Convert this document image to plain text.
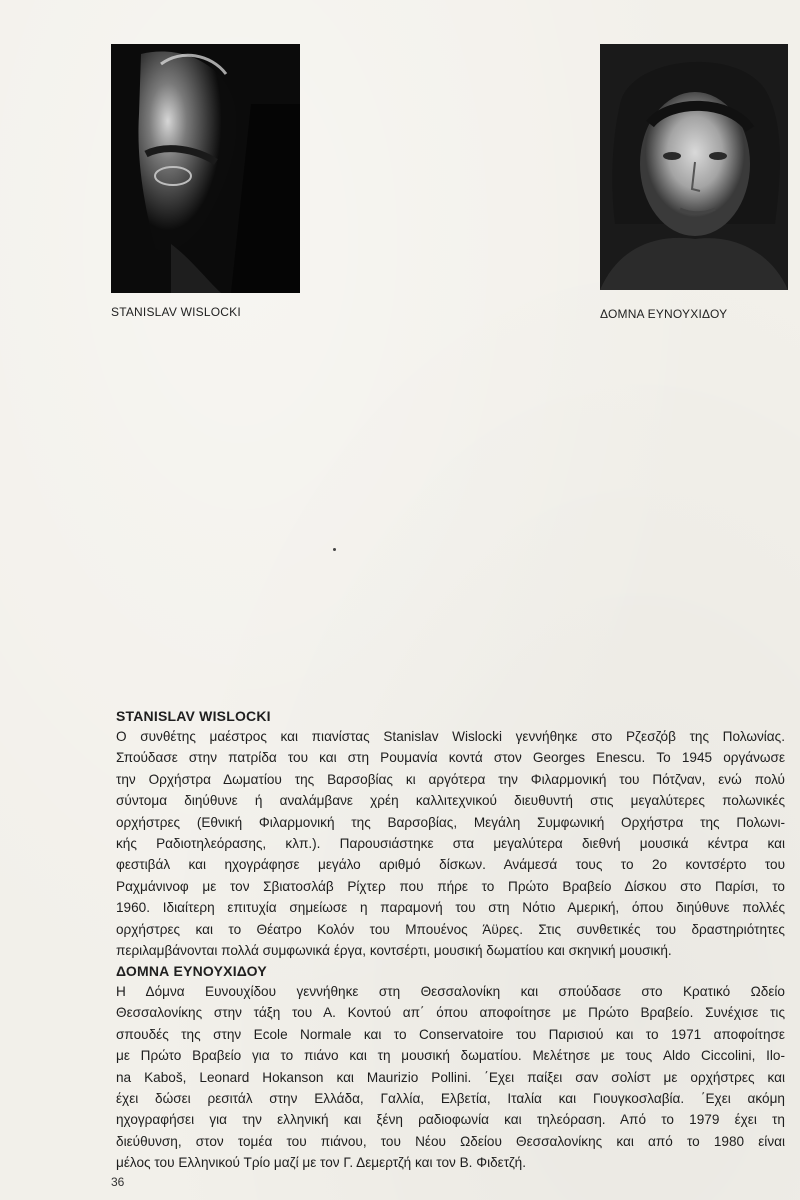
STANISLAV WISLOCKI	ΔΟΜΝΑ ΕΥΝΟΥΧΙΔΟΥ
STANISLAV WISLOCKI

Ο συνθέτης μαέστρος και πιανίστας Stanislav Wislocki γεννήθηκε στο Ρζεσζόβ της Πολωνίας.

Σπούδασε στην πατρίδα του και στη Ρουμανία κοντά στον Georges Enescu. Το 1945 οργάνωσε

την Ορχήστρα Δωματίου της Βαρσοβίας κι αργότερα την Φιλαρμονική του Πότζναν, ενώ πολύ

σύντομα διηύθυνε ή αναλάμβανε χρέη καλλιτεχνικού διευθυντή στις μεγαλύτερες πολωνικές

ορχήστρες (Εθνική Φιλαρμονική της Βαρσοβίας, Μεγάλη Συμφωνική Ορχήστρα της Πολωνι-

κής Ραδιοτηλεόρασης, κλπ.). Παρουσιάστηκε στα μεγαλύτερα διεθνή μουσικά κέντρα και

φεστιβάλ και ηχογράφησε μεγάλο αριθμό δίσκων. Ανάμεσά τους το 2ο κοντσέρτο του

Ραχμάνινοφ με τον Σβιατοσλάβ Ρίχτερ που πήρε το Πρώτο Βραβείο Δίσκου στο Παρίσι, το

1960. Ιδιαίτερη επιτυχία σημείωσε η παραμονή του στη Νότιο Αμερική, όπου διηύθυνε πολλές

ορχήστρες και το Θέατρο Κολόν του Μπουένος Άϋρες. Στις συνθετικές του δραστηριότητες

περιλαμβάνονται πολλά συμφωνικά έργα, κοντσέρτι, μουσική δωματίου και σκηνική μουσική.

ΔΟΜΝΑ ΕΥΝΟΥΧΙΔΟΥ

Η Δόμνα Ευνουχίδου γεννήθηκε στη Θεσσαλονίκη και σπούδασε στο Κρατικό Ωδείο

Θεσσαλονίκης στην τάξη του Α. Κοντού απ΄ όπου αποφοίτησε με Πρώτο Βραβείο. Συνέχισε τις

σπουδές της στην Ecole Normale και το Conservatoire του Παρισιού και το 1971 αποφοίτησε

με Πρώτο Βραβείο για το πιάνο και τη μουσική δωματίου. Μελέτησε με τους Aldo Ciccolini, Ilo-

na Kaboš, Leonard Hokanson και Maurizio Pollini. ΄Εχει παίξει σαν σολίστ με ορχήστρες και

έχει δώσει ρεσιτάλ στην Ελλάδα, Γαλλία, Ελβετία, Ιταλία και Γιουγκοσλαβία. ΄Εχει ακόμη

ηχογραφήσει για την ελληνική και ξένη ραδιοφωνία και τηλεόραση. Από το 1979 έχει τη

διεύθυνση, στον τομέα του πιάνου, του Νέου Ωδείου Θεσσαλονίκης και από το 1980 είναι

μέλος του Ελληνικού Τρίο μαζί με τον Γ. Δεμερτζή και τον Β. Φιδετζή.

36
